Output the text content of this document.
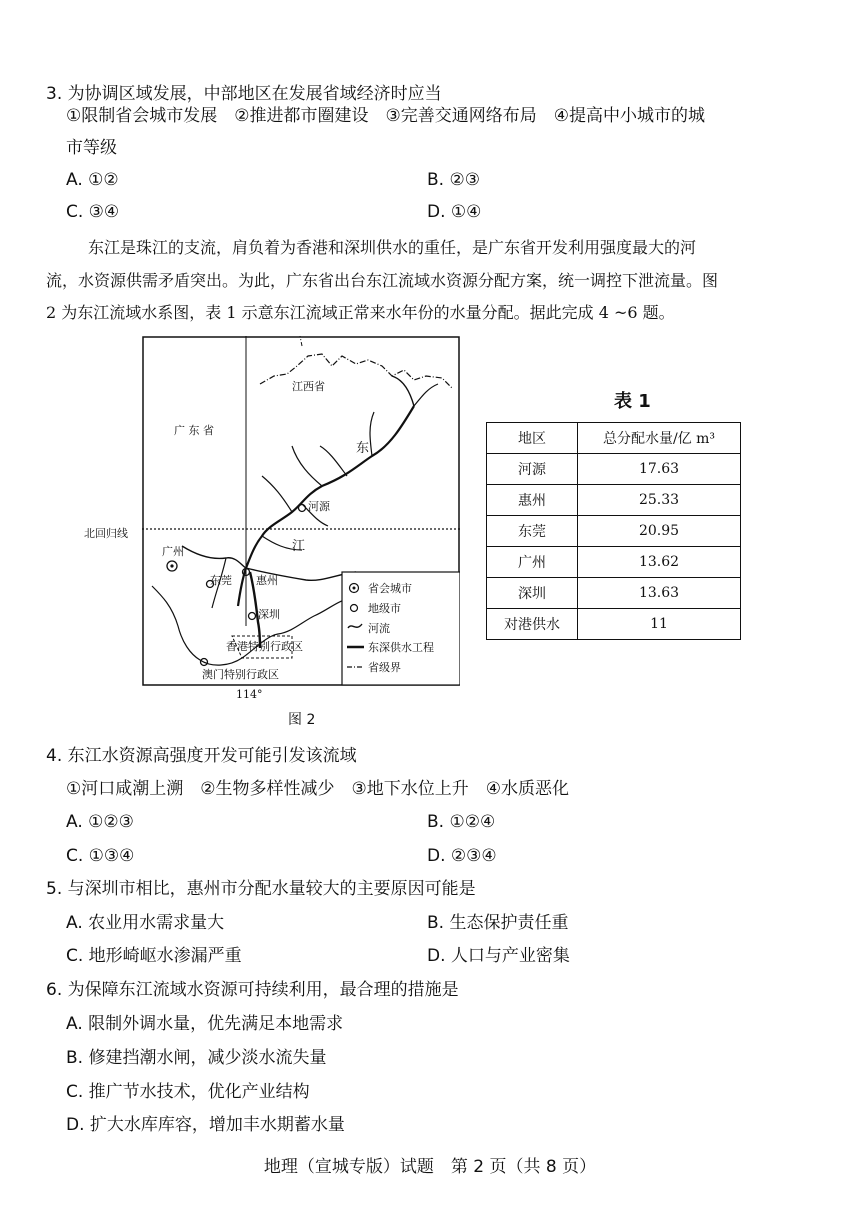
3. 为协调区域发展，中部地区在发展省域经济时应当
①限制省会城市发展　②推进都市圈建设　③完善交通网络布局　④提高中小城市的城
市等级
A. ①②	B. ②③
C. ③④	D. ①④
东江是珠江的支流，肩负着为香港和深圳供水的重任，是广东省开发利用强度最大的河
流，水资源供需矛盾突出。为此，广东省出台东江流域水资源分配方案，统一调控下泄流量。图
2 为东江流域水系图，表 1 示意东江流域正常来水年份的水量分配。据此完成 4 ~6 题。
江西省
广 东 省
北回归线
广州
东莞 惠州
河源
深圳
香港特别行政区
澳门特别行政区
东
江
114°
省会城市
地级市
河流
东深供水工程
省级界
图 2
表 1
地区	总分配水量/亿 m³
河源	17.63
惠州	25.33
东莞	20.95
广州	13.62
深圳	13.63
对港供水	11
4. 东江水资源高强度开发可能引发该流域
①河口咸潮上溯　②生物多样性减少　③地下水位上升　④水质恶化
A. ①②③	B. ①②④
C. ①③④	D. ②③④
5. 与深圳市相比，惠州市分配水量较大的主要原因可能是
A. 农业用水需求量大	B. 生态保护责任重
C. 地形崎岖水渗漏严重	D. 人口与产业密集
6. 为保障东江流域水资源可持续利用，最合理的措施是
A. 限制外调水量，优先满足本地需求
B. 修建挡潮水闸，减少淡水流失量
C. 推广节水技术，优化产业结构
D. 扩大水库库容，增加丰水期蓄水量
地理（宣城专版）试题　第 2 页（共 8 页）
